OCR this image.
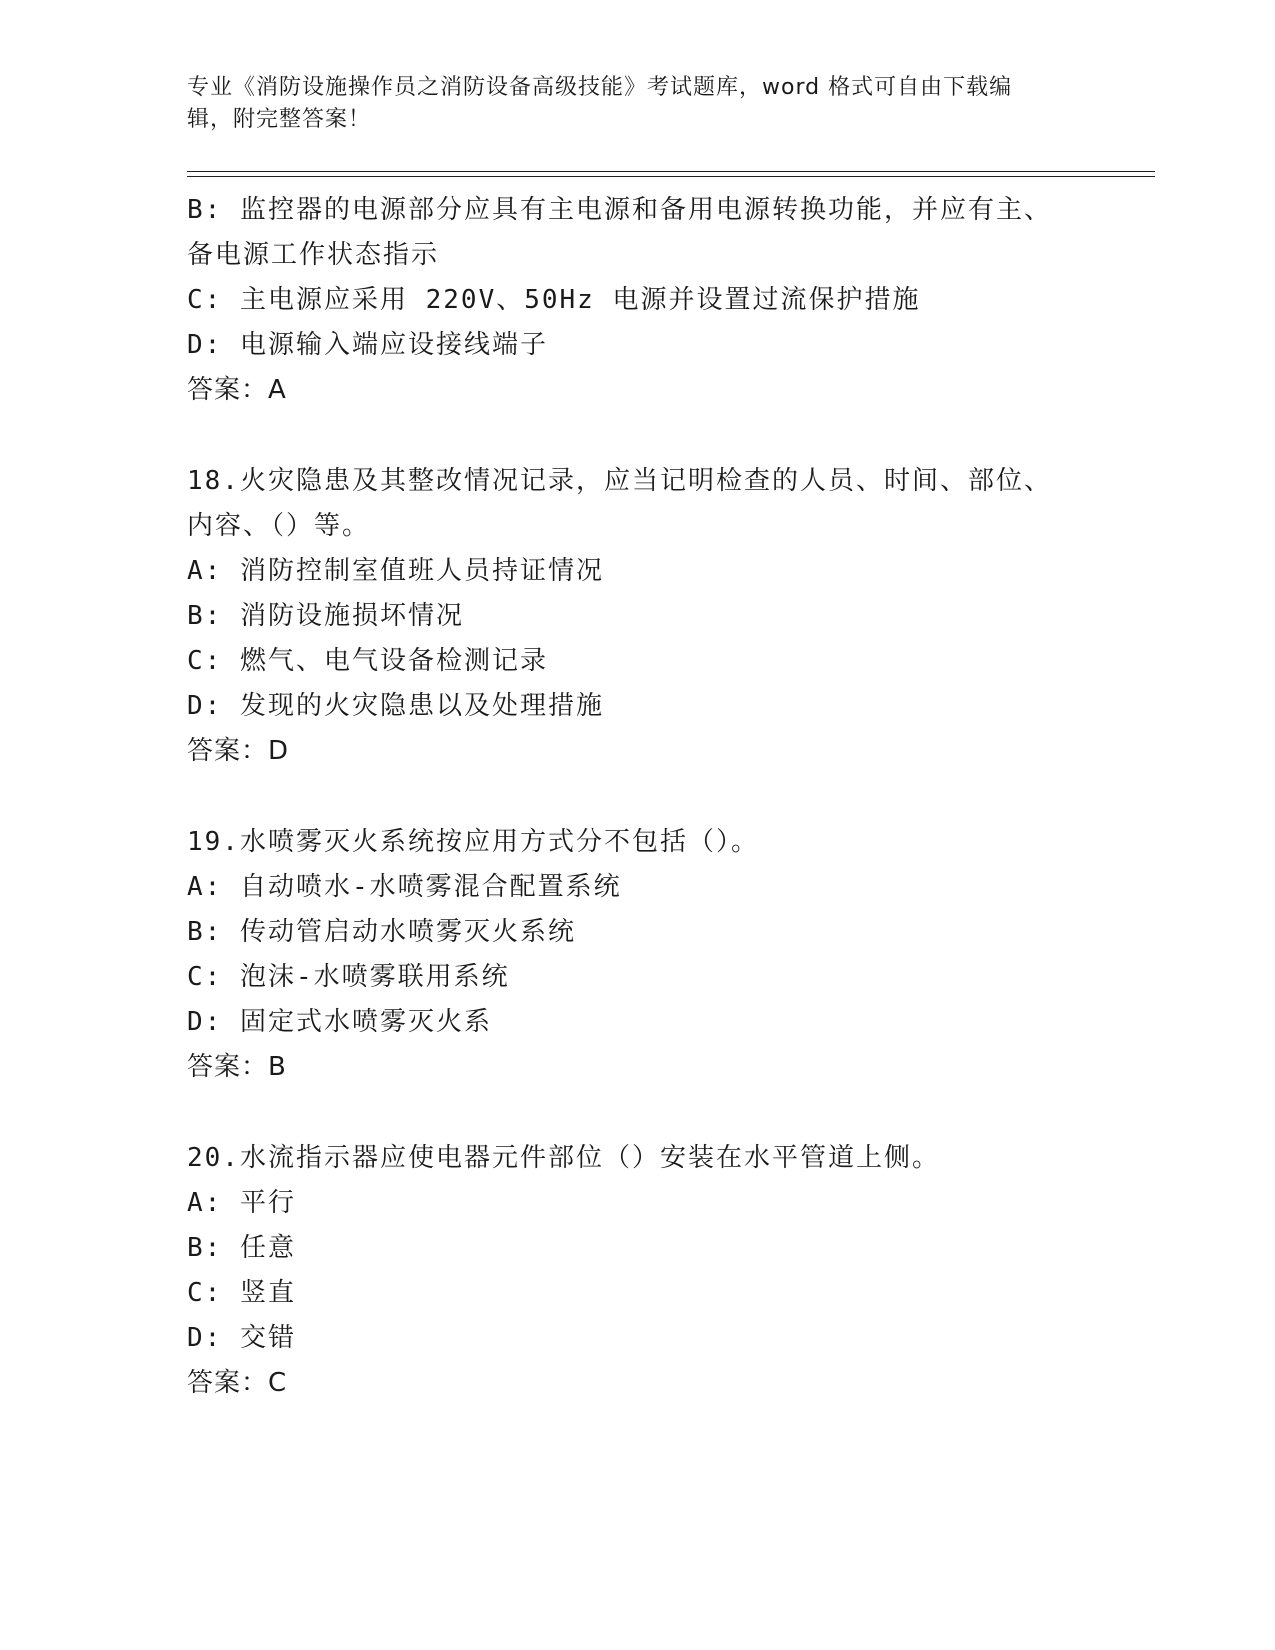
专业《消防设施操作员之消防设备高级技能》考试题库，word 格式可自由下载编
辑，附完整答案！
B: 监控器的电源部分应具有主电源和备用电源转换功能，并应有主、
备电源工作状态指示
C: 主电源应采用 220V、50Hz 电源并设置过流保护措施
D: 电源输入端应设接线端子
答案：A
18.火灾隐患及其整改情况记录，应当记明检查的人员、时间、部位、
内容、（）等。
A: 消防控制室值班人员持证情况
B: 消防设施损坏情况
C: 燃气、电气设备检测记录
D: 发现的火灾隐患以及处理措施
答案：D
19.水喷雾灭火系统按应用方式分不包括（）。
A: 自动喷水-水喷雾混合配置系统
B: 传动管启动水喷雾灭火系统
C: 泡沫-水喷雾联用系统
D: 固定式水喷雾灭火系
答案：B
20.水流指示器应使电器元件部位（）安装在水平管道上侧。
A: 平行
B: 任意
C: 竖直
D: 交错
答案：C
